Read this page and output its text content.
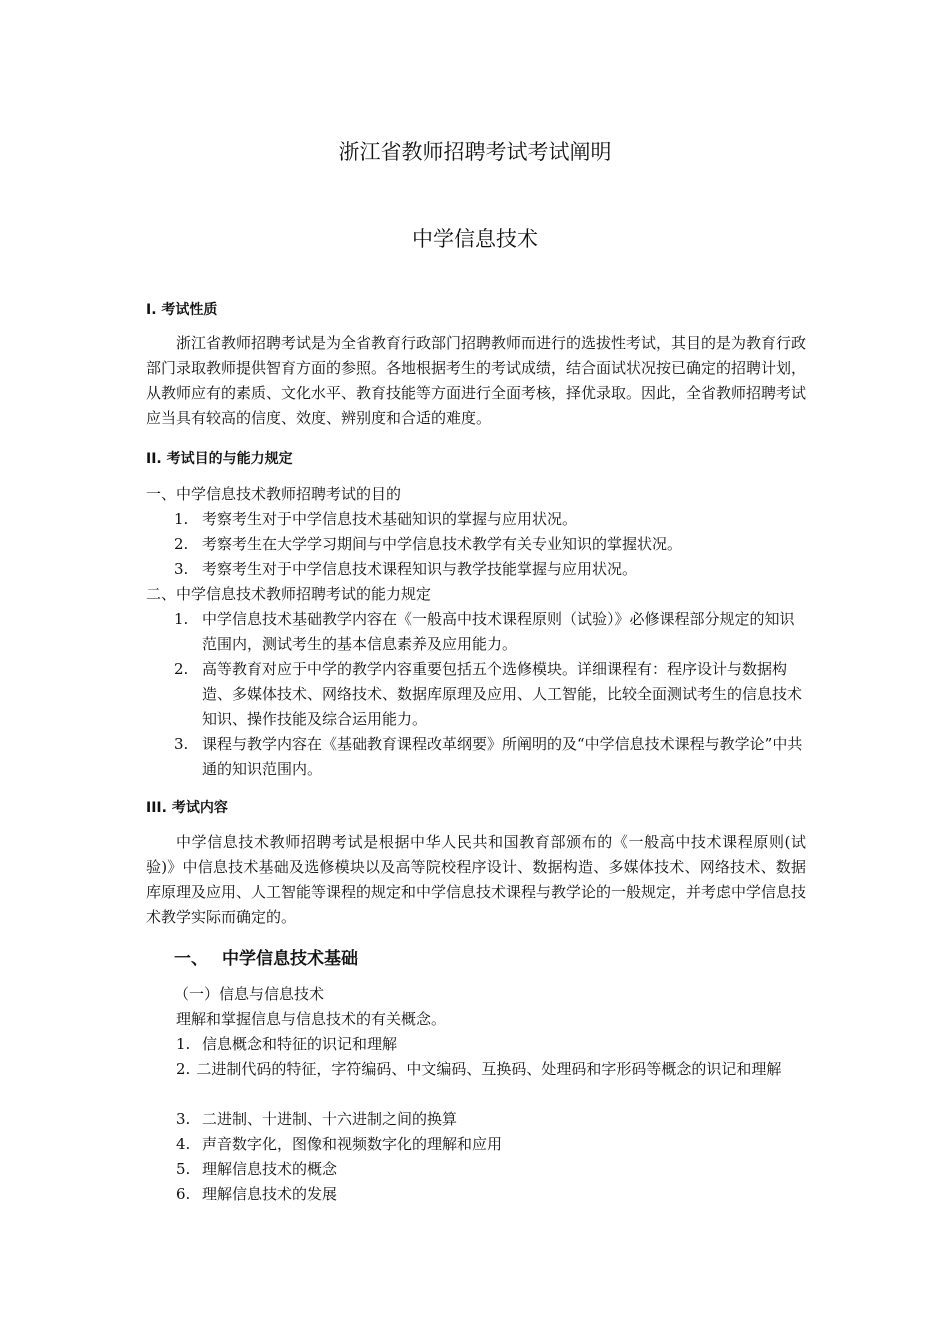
浙江省教师招聘考试考试阐明
中学信息技术
I. 考试性质

浙江省教师招聘考试是为全省教育行政部门招聘教师而进行的选拔性考试，其目的是为教育行政部门录取教师提供智育方面的参照。各地根据考生的考试成绩，结合面试状况按已确定的招聘计划，从教师应有的素质、文化水平、教育技能等方面进行全面考核，择优录取。因此，全省教师招聘考试应当具有较高的信度、效度、辨别度和合适的难度。

II. 考试目的与能力规定
一、中学信息技术教师招聘考试的目的
1. 考察考生对于中学信息技术基础知识的掌握与应用状况。
2. 考察考生在大学学习期间与中学信息技术教学有关专业知识的掌握状况。
3. 考察考生对于中学信息技术课程知识与教学技能掌握与应用状况。
二、中学信息技术教师招聘考试的能力规定
1. 中学信息技术基础教学内容在《一般高中技术课程原则（试验）》必修课程部分规定的知识范围内，测试考生的基本信息素养及应用能力。
2. 高等教育对应于中学的教学内容重要包括五个选修模块。详细课程有：程序设计与数据构造、多媒体技术、网络技术、数据库原理及应用、人工智能，比较全面测试考生的信息技术知识、操作技能及综合运用能力。
3. 课程与教学内容在《基础教育课程改革纲要》所阐明的及“中学信息技术课程与教学论”中共通的知识范围内。
III. 考试内容

中学信息技术教师招聘考试是根据中华人民共和国教育部颁布的《一般高中技术课程原则(试验)》中信息技术基础及选修模块以及高等院校程序设计、数据构造、多媒体技术、网络技术、数据库原理及应用、人工智能等课程的规定和中学信息技术课程与教学论的一般规定，并考虑中学信息技术教学实际而确定的。

一、 中学信息技术基础
（一）信息与信息技术
理解和掌握信息与信息技术的有关概念。
1. 信息概念和特征的识记和理解
2. 二进制代码的特征，字符编码、中文编码、互换码、处理码和字形码等概念的识记和理解
3. 二进制、十进制、十六进制之间的换算
4. 声音数字化，图像和视频数字化的理解和应用
5. 理解信息技术的概念
6. 理解信息技术的发展
